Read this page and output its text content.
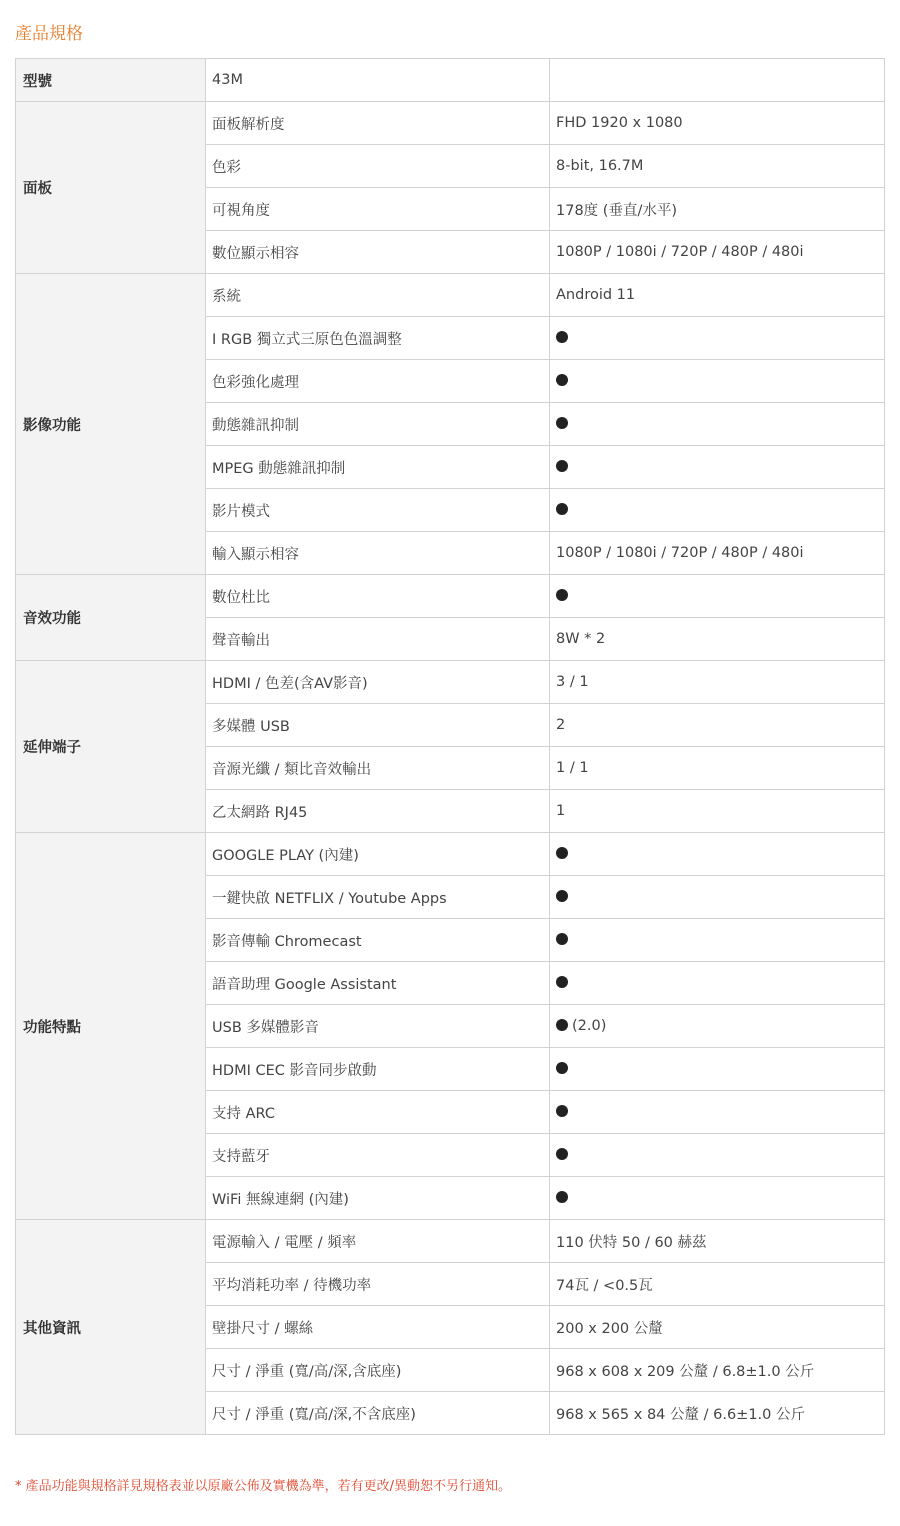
產品規格
型號	43M	
面板	面板解析度	FHD 1920 x 1080
	色彩	8-bit, 16.7M
	可視角度	178度 (垂直/水平)
	數位顯示相容	1080P / 1080i / 720P / 480P / 480i
影像功能	系統	Android 11
	I RGB 獨立式三原色色溫調整	
	色彩強化處理	
	動態雜訊抑制	
	MPEG 動態雜訊抑制	
	影片模式	
	輸入顯示相容	1080P / 1080i / 720P / 480P / 480i
音效功能	數位杜比	
	聲音輸出	8W * 2
延伸端子	HDMI / 色差(含AV影音)	3 / 1
	多媒體 USB	2
	音源光纖 / 類比音效輸出	1 / 1
	乙太網路 RJ45	1
功能特點	GOOGLE PLAY (內建)	
	一鍵快啟 NETFLIX / Youtube Apps	
	影音傳輸 Chromecast	
	語音助理 Google Assistant	
	USB 多媒體影音	(2.0)
	HDMI CEC 影音同步啟動	
	支持 ARC	
	支持藍牙	
	WiFi 無線連網 (內建)	
其他資訊	電源輸入 / 電壓 / 頻率	110 伏特 50 / 60 赫茲
	平均消耗功率 / 待機功率	74瓦 / <0.5瓦
	壁掛尺寸 / 螺絲	200 x 200 公釐
	尺寸 / 淨重 (寬/高/深,含底座)	968 x 608 x 209 公釐 / 6.8±1.0 公斤
	尺寸 / 淨重 (寬/高/深,不含底座)	968 x 565 x 84 公釐 / 6.6±1.0 公斤

* 產品功能與規格詳見規格表並以原廠公佈及實機為準，若有更改/異動恕不另行通知。
